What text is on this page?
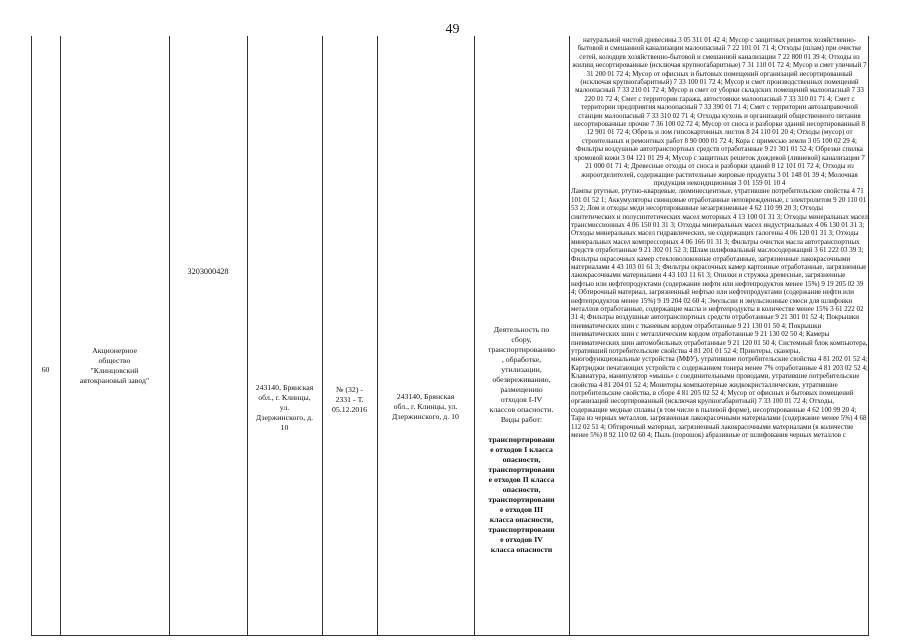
49
60
Акционерное
общество
"Клинцовский
автокрановый завод"
3203000428
243140, Брянская
обл., г. Клинцы,
ул.
Дзержинского, д.
10
№ (32) -
2331 - Т.
05.12.2016
243140, Брянская
обл., г. Клинцы, ул.
Дзержинского, д. 10

Деятельность по
сбору,
транспортированию
, обработке,
утилизации,
обезвреживанию,
размещению
отходов I-IV
классов опасности.
Виды работ:

транспортировани
е отходов I класса
опасности,
транспортировани
е отходов II класса
опасности,
транспортировани
е отходов III
класса опасности,
транспортировани
е отходов IV
класса опасности

натуральной чистой древесины 3 05 311 01 42 4; Мусор с защитных решеток хозяйственно-бытовой и смешанной канализации малоопасный 7 22 101 01 71 4; Отходы (шлам) при очистке сетей, колодцев хозяйственно-бытовой и смешанной канализации 7 22 800 01 39 4; Отходы из жилищ несортированные (исключая крупногабаритные) 7 31 110 01 72 4; Мусор и смет уличный 7 31 200 01 72 4; Мусор от офисных и бытовых помещений организаций несортированный (исключая крупногабаритный) 7 33 100 01 72 4; Мусор и смет производственных помещений малоопасный 7 33 210 01 72 4; Мусор и смет от уборки складских помещений малоопасный 7 33 220 01 72 4; Смет с территории гаража, автостоянки малоопасный 7 33 310 01 71 4; Смет с территории предприятия малоопасный 7 33 390 01 71 4; Смет с территории автозаправочной станции малоопасный 7 33 310 02 71 4; Отходы кухонь и организаций общественного питания несортированные прочие 7 36 100 02 72 4; Мусор от сноса и разборки зданий несортированный 8 12 901 01 72 4; Обрезь и лом гипсокартонных листов 8 24 110 01 20 4; Отходы (мусор) от строительных и ремонтных работ 8 90 000 01 72 4; Кора с примесью земли 3 05 100 02 29 4; Фильтры воздушные автотранспортных средств отработанные 9 21 301 01 52 4; Обрезки спилка хромовой кожи 3 04 121 01 29 4; Мусор с защитных решеток дождевой (ливневой) канализации 7 21 000 01 71 4; Древесные отходы от сноса и разборки зданий 8 12 101 01 72 4; Отходы из жироотделителей, содержащие растительные жировые продукты 3 01 148 01 39 4; Молочная продукция некондиционная 3 01 159 01 10 4
Лампы ртутные, ртутно-кварцевые, люминесцентные, утратившие потребительские свойства 4 71 101 01 52 1; Аккумуляторы свинцовые отработанные неповрежденные, с электролитом 9 20 110 01 53 2; Лом и отходы меди несортированные незагрязненные 4 62 110 99 20 3; Отходы синтетических и полусинтетических масел моторных 4 13 100 01 31 3; Отходы минеральных масел трансмиссионных 4 06 150 01 31 3; Отходы минеральных масел индустриальных 4 06 130 01 31 3; Отходы минеральных масел гидравлических, не содержащих галогены 4 06 120 01 31 3; Отходы минеральных масел компрессорных 4 06 166 01 31 3; Фильтры очистки масла автотранспортных средств отработанные 9 21 302 01 52 3; Шлам шлифовальный маслосодержащий 3 61 222 03 39 3; Фильтры окрасочных камер стекловолоконные отработанные, загрязненные лакокрасочными материалами 4 43 103 01 61 3; Фильтры окрасочных камер картонные отработанные, загрязненные лакокрасочными материалами 4 43 103 11 61 3; Опилки и стружка древесные, загрязненные нефтью или нефтепродуктами (содержание нефти или нефтепродуктов менее 15%) 9 19 205 02 39 4; Обтирочный материал, загрязненный нефтью или нефтепродуктами (содержание нефти или нефтепродуктов менее 15%) 9 19 204 02 60 4; Эмульсии и эмульсионные смеси для шлифовки металлов отработанные, содержащие масла и нефтепродукты в количестве менее 15% 3 61 222 02 31 4; Фильтры воздушные автотранспортных средств отработанные 9 21 301 01 52 4; Покрышки пневматических шин с тканевым кордом отработанные 9 21 130 01 50 4; Покрышки пневматических шин с металлическим кордом отработанные 9 21 130 02 50 4; Камеры пневматических шин автомобильных отработанные 9 21 120 01 50 4; Системный блок компьютера, утративший потребительские свойства 4 81 201 01 52 4; Принтеры, сканеры, многофункциональные устройства (МФУ), утратившие потребительские свойства 4 81 202 01 52 4; Картриджи печатающих устройств с содержанием тонера менее 7% отработанные 4 81 203 02 52 4; Клавиатура, манипулятор «мышь» с соединительными проводами, утратившие потребительские свойства 4 81 204 01 52 4; Мониторы компьютерные жидкокристаллические, утратившие потребительские свойства, в сборе 4 81 205 02 52 4; Мусор от офисных и бытовых помещений организаций несортированный (исключая крупногабаритный) 7 33 100 01 72 4; Отходы, содержащие медные сплавы (в том числе в пылевой форме), несортированные 4 62 100 99 20 4; Тара из черных металлов, загрязненная лакокрасочными материалами (содержание менее 5%) 4 68 112 02 51 4; Обтирочный материал, загрязненный лакокрасочными материалами (в количестве менее 5%) 8 92 110 02 60 4; Пыль (порошок) абразивные от шлифования черных металлов с
